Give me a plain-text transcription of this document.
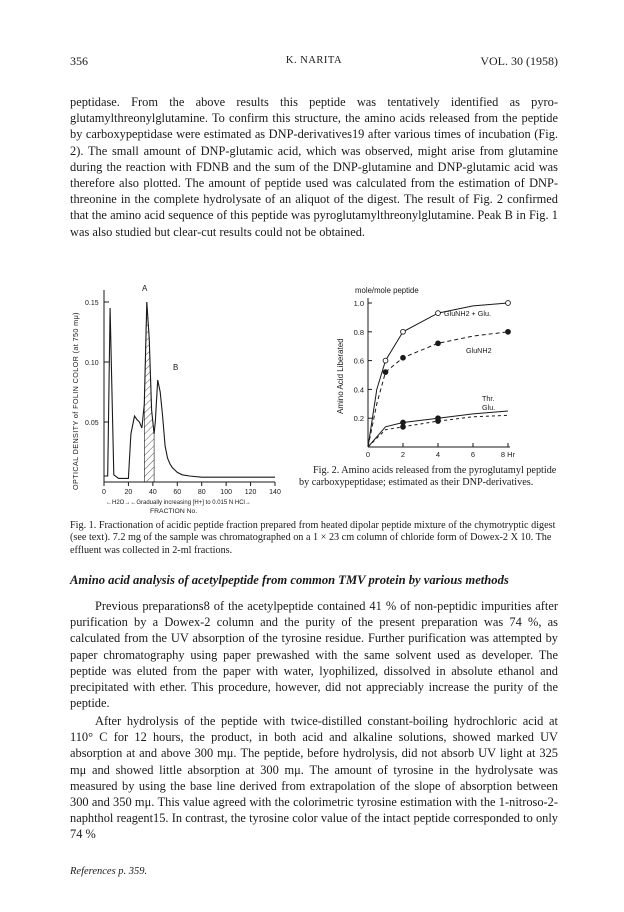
356	K. NARITA	VOL. 30 (1958)

peptidase. From the above results this peptide was tentatively identified as pyro-glutamylthreonylglutamine. To confirm this structure, the amino acids released from the peptide by carboxypeptidase were estimated as DNP-derivatives19 after various times of incubation (Fig. 2). The small amount of DNP-glutamic acid, which was observed, might arise from glutamine during the reaction with FDNB and the sum of the DNP-glutamine and DNP-glutamic acid was therefore also plotted. The amount of peptide used was calculated from the estimation of DNP-threonine in the complete hydrolysate of an aliquot of the digest. The result of Fig. 2 confirmed that the amino acid sequence of this peptide was pyroglutamylthreonylglutamine. Peak B in Fig. 1 was also studied but clear-cut results could not be obtained.

0.15
0.10
0.05
0	20 40 60 80 100 120 140
OPTICAL DENSITY of FOLIN COLOR (at 750 mμ)
A
B
←H2O→←Gradually increasing [H+] to 0.015 N HCl→
FRACTION No.
mole/mole peptide
1.0
0.8
0.6
0.4
0.2
0	2	4	6	8 Hr
Amino Acid Liberated
GluNH2 + Glu.
GluNH2
Thr.
Glu.

Fig. 2. Amino acids released from the pyroglutamyl peptide by carboxypeptidase; estimated as their DNP-derivatives.

Fig. 1. Fractionation of acidic peptide fraction prepared from heated dipolar peptide mixture of the chymotryptic digest (see text). 7.2 mg of the sample was chromatographed on a 1 × 23 cm column of chloride form of Dowex-2 X 10. The effluent was collected in 2-ml fractions.

Amino acid analysis of acetylpeptide from common TMV protein by various methods

Previous preparations8 of the acetylpeptide contained 41 % of non-peptidic impurities after purification by a Dowex-2 column and the purity of the present preparation was 74 %, as calculated from the UV absorption of the tyrosine residue. Further purification was attempted by paper chromatography using paper prewashed with the same solvent used as developer. The peptide was eluted from the paper with water, lyophilized, dissolved in absolute ethanol and precipitated with ether. This procedure, however, did not appreciably increase the purity of the peptide.

After hydrolysis of the peptide with twice-distilled constant-boiling hydrochloric acid at 110° C for 12 hours, the product, in both acid and alkaline solutions, showed marked UV absorption at and above 300 mμ. The peptide, before hydrolysis, did not absorb UV light at 325 mμ and showed little absorption at 300 mμ. The amount of tyrosine in the hydrolysate was measured by using the base line derived from extrapolation of the slope of absorption between 300 and 350 mμ. This value agreed with the colorimetric tyrosine estimation with the 1-nitroso-2-naphthol reagent15. In contrast, the tyrosine color value of the intact peptide corresponded to only 74 %

References p. 359.
